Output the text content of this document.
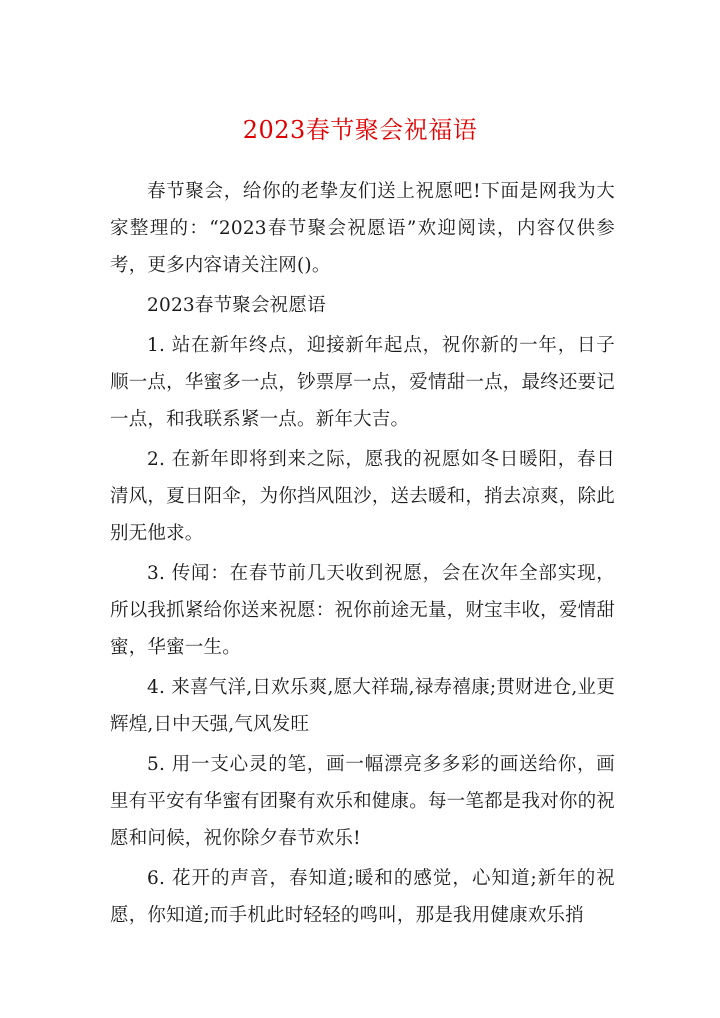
2023春节聚会祝福语

春节聚会，给你的老挚友们送上祝愿吧!下面是网我为大家整理的：“2023春节聚会祝愿语”欢迎阅读，内容仅供参考，更多内容请关注网()。

2023春节聚会祝愿语

1. 站在新年终点，迎接新年起点，祝你新的一年，日子顺一点，华蜜多一点，钞票厚一点，爱情甜一点，最终还要记一点，和我联系紧一点。新年大吉。

2. 在新年即将到来之际，愿我的祝愿如冬日暖阳，春日清风，夏日阳伞，为你挡风阻沙，送去暖和，捎去凉爽，除此别无他求。

3. 传闻：在春节前几天收到祝愿，会在次年全部实现，所以我抓紧给你送来祝愿：祝你前途无量，财宝丰收，爱情甜蜜，华蜜一生。

4. 来喜气洋,日欢乐爽,愿大祥瑞,禄寿禧康;贯财进仓,业更辉煌,日中天强,气风发旺

5. 用一支心灵的笔，画一幅漂亮多多彩的画送给你，画里有平安有华蜜有团聚有欢乐和健康。每一笔都是我对你的祝愿和问候，祝你除夕春节欢乐!

6. 花开的声音，春知道;暖和的感觉，心知道;新年的祝愿，你知道;而手机此时轻轻的鸣叫，那是我用健康欢乐捎
